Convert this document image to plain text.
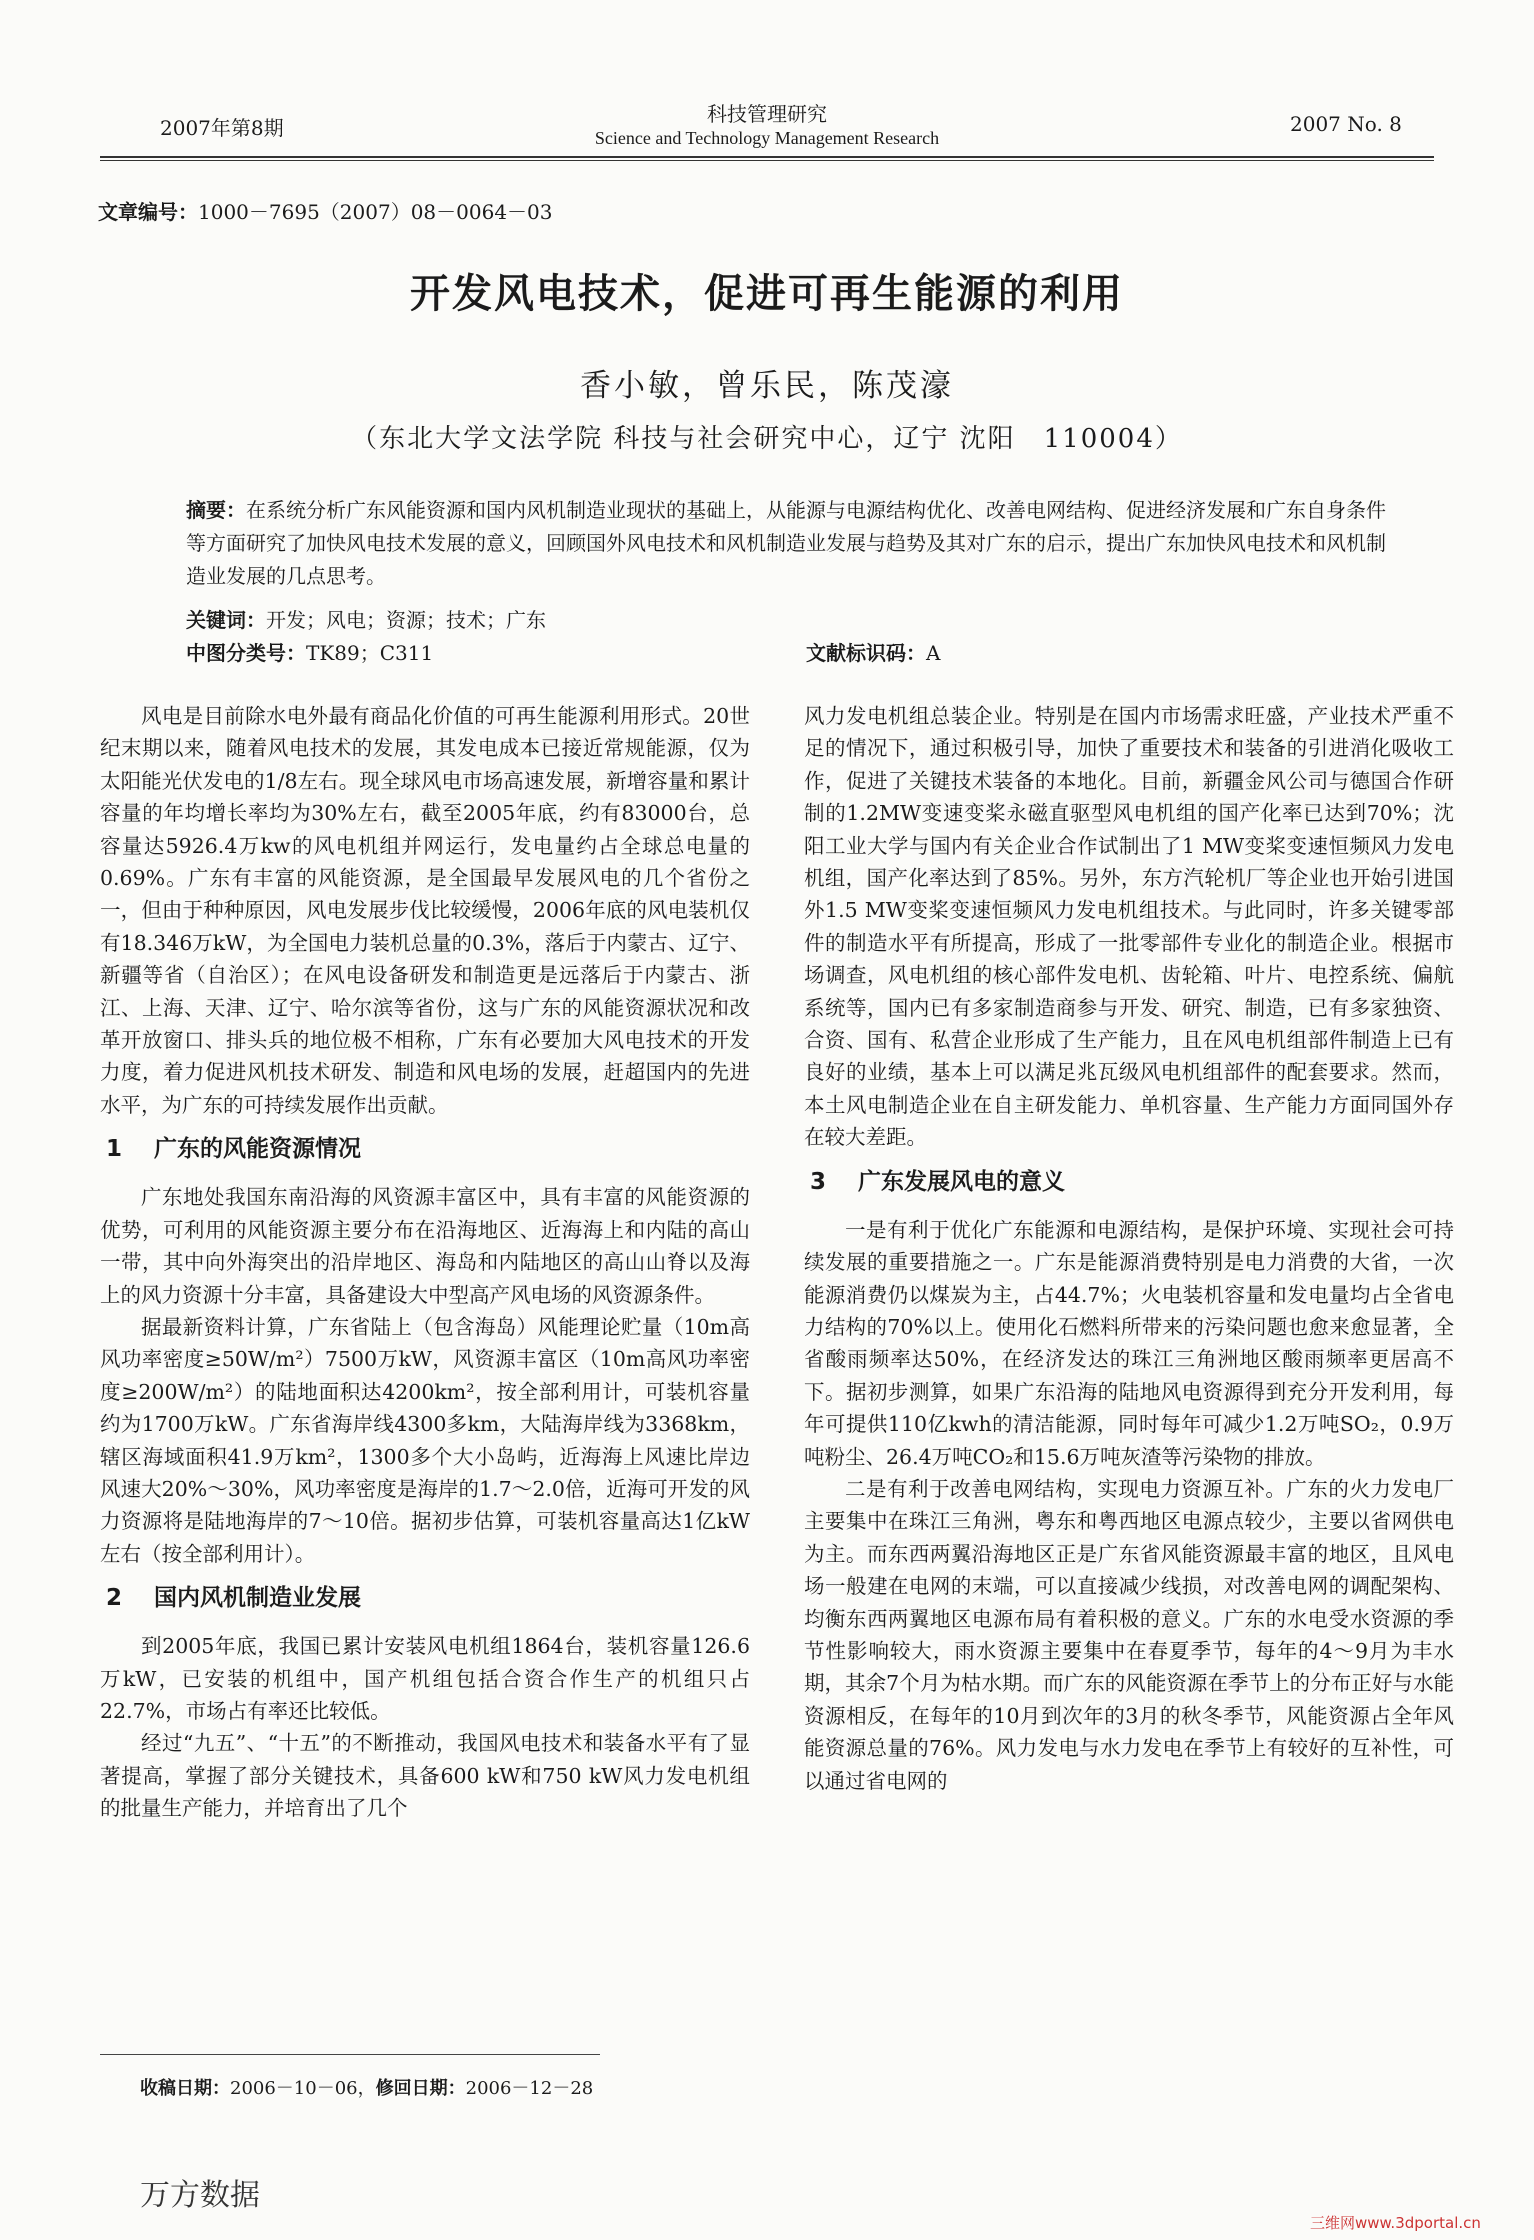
2007年第8期
科技管理研究
Science and Technology Management Research
2007 No. 8
文章编号：1000－7695（2007）08－0064－03
开发风电技术，促进可再生能源的利用
香小敏，曾乐民，陈茂濠
（东北大学文法学院 科技与社会研究中心，辽宁 沈阳　110004）
摘要：在系统分析广东风能资源和国内风机制造业现状的基础上，从能源与电源结构优化、改善电网结构、促进经济发展和广东自身条件等方面研究了加快风电技术发展的意义，回顾国外风电技术和风机制造业发展与趋势及其对广东的启示，提出广东加快风电技术和风机制造业发展的几点思考。
关键词：开发；风电；资源；技术；广东
中图分类号：TK89；C311	文献标识码：A

风电是目前除水电外最有商品化价值的可再生能源利用形式。20世纪末期以来，随着风电技术的发展，其发电成本已接近常规能源，仅为太阳能光伏发电的1/8左右。现全球风电市场高速发展，新增容量和累计容量的年均增长率均为30%左右，截至2005年底，约有83000台，总容量达5926.4万kw的风电机组并网运行，发电量约占全球总电量的0.69%。广东有丰富的风能资源，是全国最早发展风电的几个省份之一，但由于种种原因，风电发展步伐比较缓慢，2006年底的风电装机仅有18.346万kW，为全国电力装机总量的0.3%，落后于内蒙古、辽宁、新疆等省（自治区）；在风电设备研发和制造更是远落后于内蒙古、浙江、上海、天津、辽宁、哈尔滨等省份，这与广东的风能资源状况和改革开放窗口、排头兵的地位极不相称，广东有必要加大风电技术的开发力度，着力促进风机技术研发、制造和风电场的发展，赶超国内的先进水平，为广东的可持续发展作出贡献。

1 广东的风能资源情况

广东地处我国东南沿海的风资源丰富区中，具有丰富的风能资源的优势，可利用的风能资源主要分布在沿海地区、近海海上和内陆的高山一带，其中向外海突出的沿岸地区、海岛和内陆地区的高山山脊以及海上的风力资源十分丰富，具备建设大中型高产风电场的风资源条件。

据最新资料计算，广东省陆上（包含海岛）风能理论贮量（10m高风功率密度≥50W/m²）7500万kW，风资源丰富区（10m高风功率密度≥200W/m²）的陆地面积达4200km²，按全部利用计，可装机容量约为1700万kW。广东省海岸线4300多km，大陆海岸线为3368km，辖区海域面积41.9万km²，1300多个大小岛屿，近海海上风速比岸边风速大20%～30%，风功率密度是海岸的1.7～2.0倍，近海可开发的风力资源将是陆地海岸的7～10倍。据初步估算，可装机容量高达1亿kW左右（按全部利用计）。

2 国内风机制造业发展

到2005年底，我国已累计安装风电机组1864台，装机容量126.6万kW，已安装的机组中，国产机组包括合资合作生产的机组只占22.7%，市场占有率还比较低。

经过“九五”、“十五”的不断推动，我国风电技术和装备水平有了显著提高，掌握了部分关键技术，具备600 kW和750 kW风力发电机组的批量生产能力，并培育出了几个

风力发电机组总装企业。特别是在国内市场需求旺盛，产业技术严重不足的情况下，通过积极引导，加快了重要技术和装备的引进消化吸收工作，促进了关键技术装备的本地化。目前，新疆金风公司与德国合作研制的1.2MW变速变桨永磁直驱型风电机组的国产化率已达到70%；沈阳工业大学与国内有关企业合作试制出了1 MW变桨变速恒频风力发电机组，国产化率达到了85%。另外，东方汽轮机厂等企业也开始引进国外1.5 MW变桨变速恒频风力发电机组技术。与此同时，许多关键零部件的制造水平有所提高，形成了一批零部件专业化的制造企业。根据市场调查，风电机组的核心部件发电机、齿轮箱、叶片、电控系统、偏航系统等，国内已有多家制造商参与开发、研究、制造，已有多家独资、合资、国有、私营企业形成了生产能力，且在风电机组部件制造上已有良好的业绩，基本上可以满足兆瓦级风电机组部件的配套要求。然而，本土风电制造企业在自主研发能力、单机容量、生产能力方面同国外存在较大差距。

3 广东发展风电的意义

一是有利于优化广东能源和电源结构，是保护环境、实现社会可持续发展的重要措施之一。广东是能源消费特别是电力消费的大省，一次能源消费仍以煤炭为主，占44.7%；火电装机容量和发电量均占全省电力结构的70%以上。使用化石燃料所带来的污染问题也愈来愈显著，全省酸雨频率达50%，在经济发达的珠江三角洲地区酸雨频率更居高不下。据初步测算，如果广东沿海的陆地风电资源得到充分开发利用，每年可提供110亿kwh的清洁能源，同时每年可减少1.2万吨SO₂，0.9万吨粉尘、26.4万吨CO₂和15.6万吨灰渣等污染物的排放。

二是有利于改善电网结构，实现电力资源互补。广东的火力发电厂主要集中在珠江三角洲，粤东和粤西地区电源点较少，主要以省网供电为主。而东西两翼沿海地区正是广东省风能资源最丰富的地区，且风电场一般建在电网的末端，可以直接减少线损，对改善电网的调配架构、均衡东西两翼地区电源布局有着积极的意义。广东的水电受水资源的季节性影响较大，雨水资源主要集中在春夏季节，每年的4～9月为丰水期，其余7个月为枯水期。而广东的风能资源在季节上的分布正好与水能资源相反，在每年的10月到次年的3月的秋冬季节，风能资源占全年风能资源总量的76%。风力发电与水力发电在季节上有较好的互补性，可以通过省电网的

收稿日期：2006－10－06，修回日期：2006－12－28
万方数据
三维网www.3dportal.cn
